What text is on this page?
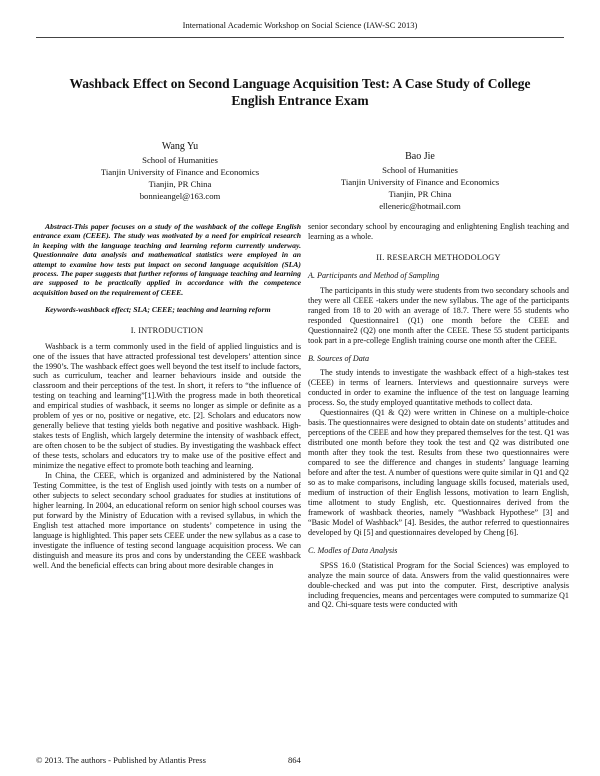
International Academic Workshop on Social Science (IAW-SC 2013)
Washback Effect on Second Language Acquisition Test: A Case Study of College
English Entrance Exam
Wang Yu
School of Humanities
Tianjin University of Finance and Economics
Tianjin, PR China
bonnieangel@163.com
Bao Jie
School of Humanities
Tianjin University of Finance and Economics
Tianjin, PR China
elleneric@hotmail.com

Abstract-This paper focuses on a study of the washback of the college English entrance exam (CEEE). The study was motivated by a need for empirical research in keeping with the language teaching and learning reform currently underway. Questionnaire data analysis and mathematical statistics were employed in an attempt to examine how tests put impact on second language acquisition (SLA) process. The paper suggests that further reforms of language teaching and learning are supposed to be practically applied in accordance with the competence acquisition based on the requirement of CEEE.

Keywords-washback effect; SLA; CEEE; teaching and learning reform

I. INTRODUCTION

Washback is a term commonly used in the field of applied linguistics and is one of the issues that have attracted professional test developers’ attention since the 1990’s. The washback effect goes well beyond the test itself to include factors, such as curriculum, teacher and learner behaviours inside and outside the classroom and their perceptions of the test. In short, it refers to “the influence of testing on teaching and learning”[1].With the progress made in both theoretical and empirical studies of washback, it seems no longer as simple or definite as a problem of yes or no, positive or negative, etc. [2]. Scholars and educators now generally believe that testing yields both negative and positive washback. High-stakes tests of English, which largely determine the intensity of washback effect, are often chosen to be the subject of studies. By investigating the washback effect of these tests, scholars and educators try to make use of the positive effect and minimize the negative effect to promote both teaching and learning.

In China, the CEEE, which is organized and administered by the National Testing Committee, is the test of English used jointly with tests on a number of other subjects to select secondary school graduates for studies at institutions of higher learning. In 2004, an educational reform on senior high school courses was put forward by the Ministry of Education with a revised syllabus, in which the English test attached more importance on students’ competence in using the language is highlighted. This paper sets CEEE under the new syllabus as a case to investigate the influence of testing second language acquisition process. We can distinguish and measure its pros and cons by understanding the CEEE washback well. And the beneficial effects can bring about more desirable changes in

senior secondary school by encouraging and enlightening English teaching and learning as a whole.

II. RESEARCH METHODOLOGY

A. Participants and Method of Sampling

The participants in this study were students from two secondary schools and they were all CEEE -takers under the new syllabus. The age of the participants ranged from 18 to 20 with an average of 18.7. There were 55 students who responded Questionnaire1 (Q1) one month before the CEEE and Questionnaire2 (Q2) one month after the CEEE. These 55 student participants took part in a pre-college English training course one month after the CEEE.

B. Sources of Data

The study intends to investigate the washback effect of a high-stakes test (CEEE) in terms of learners. Interviews and questionnaire surveys were conducted in order to examine the influence of the test on language learning process. So, the study employed quantitative methods to collect data.

Questionnaires (Q1 & Q2) were written in Chinese on a multiple-choice basis. The questionnaires were designed to obtain date on students’ attitudes and perceptions of the CEEE and how they prepared themselves for the test. Q1 was distributed one month before they took the test and Q2 was distributed one month after they took the test. Results from these two questionnaires were compared to see the difference and changes in students’ language learning before and after the test. A number of questions were quite similar in Q1 and Q2 so as to make comparisons, including language skills focused, materials used, medium of instruction of their English lessons, motivation to learn English, time allotment to study English, etc. Questionnaires derived from the framework of washback theories, namely “Washback Hypothese” [3] and “Basic Model of Washback” [4]. Besides, the author referred to questionnaires developed by Qi [5] and questionnaires developed by Cheng [6].

C. Modles of Data Analysis

SPSS 16.0 (Statistical Program for the Social Sciences) was employed to analyze the main source of data. Answers from the valid questionnaires were double-checked and was put into the computer. First, descriptive analysis including frequencies, means and percentages were computed to summarize Q1 and Q2. Chi-square tests were conducted with

© 2013. The authors - Published by Atlantis Press	864
